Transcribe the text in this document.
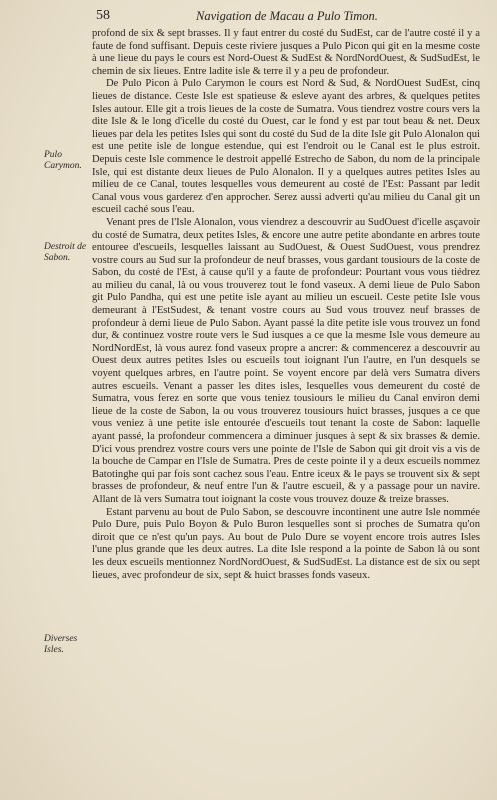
58	Navigation de Macau a Pulo Timon.
Pulo Carymon.
Destroit de Sabon.
Diverses Isles.

profond de six & sept brasses. Il y faut entrer du costé du SudEst, car de l'autre costé il y a faute de fond suffisant. Depuis ceste riviere jusques a Pulo Picon qui git en la mesme coste à une lieue du pays le cours est Nord-Ouest & SudEst & NordNordOuest, & SudSudEst, le chemin de six lieues. Entre ladite isle & terre il y a peu de profondeur.

De Pulo Picon à Pulo Carymon le cours est Nord & Sud, & NordOuest SudEst, cinq lieues de distance. Ceste Isle est spatieuse & esleve ayant des arbres, & quelques petites Isles autour. Elle git a trois lieues de la coste de Sumatra. Vous tiendrez vostre cours vers la dite Isle & le long d'icelle du costé du Ouest, car le fond y est par tout beau & net. Deux lieues par dela les petites Isles qui sont du costé du Sud de la dite Isle git Pulo Alonalon qui est une petite isle de longue estendue, qui est l'endroit ou le Canal est le plus estroit. Depuis ceste Isle commence le destroit appellé Estrecho de Sabon, du nom de la principale Isle, qui est distante deux lieues de Pulo Alonalon. Il y a quelques autres petites Isles au milieu de ce Canal, toutes lesquelles vous demeurent au costé de l'Est: Passant par ledit Canal vous vous garderez d'en approcher. Serez aussi adverti qu'au milieu du Canal git un escueil caché sous l'eau.

Venant pres de l'Isle Alonalon, vous viendrez a descouvrir au SudOuest d'icelle asçavoir du costé de Sumatra, deux petites Isles, & encore une autre petite abondante en arbres toute entouree d'escueils, lesquelles laissant au SudOuest, & Ouest SudOuest, vous prendrez vostre cours au Sud sur la profondeur de neuf brasses, vous gardant tousiours de la coste de Sabon, du costé de l'Est, à cause qu'il y a faute de profondeur: Pourtant vous vous tiédrez au milieu du canal, là ou vous trouverez tout le fond vaseux. A demi lieue de Pulo Sabon git Pulo Pandha, qui est une petite isle ayant au milieu un escueil. Ceste petite Isle vous demeurant à l'EstSudest, & tenant vostre cours au Sud vous trouvez neuf brasses de profondeur à demi lieue de Pulo Sabon. Ayant passé la dite petite isle vous trouvez un fond dur, & continuez vostre route vers le Sud iusques a ce que la mesme Isle vous demeure au NordNordEst, là vous aurez fond vaseux propre a ancrer: & commencerez a descouvrir au Ouest deux autres petites Isles ou escueils tout ioignant l'un l'autre, en l'un desquels se voyent quelques arbres, en l'autre point. Se voyent encore par delà vers Sumatra divers autres escueils. Venant a passer les dites isles, lesquelles vous demeurent du costé de Sumatra, vous ferez en sorte que vous teniez tousiours le milieu du Canal environ demi lieue de la coste de Sabon, la ou vous trouverez tousiours huict brasses, jusques a ce que vous veniez à une petite isle entourée d'escueils tout tenant la coste de Sabon: laquelle ayant passé, la profondeur commencera a diminuer jusques à sept & six brasses & demie. D'ici vous prendrez vostre cours vers une pointe de l'Isle de Sabon qui git droit vis a vis de la bouche de Campar en l'Isle de Sumatra. Pres de ceste pointe il y a deux escueils nommez Batotinghe qui par fois sont cachez sous l'eau. Entre iceux & le pays se trouvent six & sept brasses de profondeur, & neuf entre l'un & l'autre escueil, & y a passage pour un navire. Allant de là vers Sumatra tout ioignant la coste vous trouvez douze & treize brasses.

Estant parvenu au bout de Pulo Sabon, se descouvre incontinent une autre Isle nommée Pulo Dure, puis Pulo Boyon & Pulo Buron lesquelles sont si proches de Sumatra qu'on diroit que ce n'est qu'un pays. Au bout de Pulo Dure se voyent encore trois autres Isles l'une plus grande que les deux autres. La dite Isle respond a la pointe de Sabon là ou sont les deux escueils mentionnez NordNordOuest, & SudSudEst. La distance est de six ou sept lieues, avec profondeur de six, sept & huict brasses fonds vaseux.
